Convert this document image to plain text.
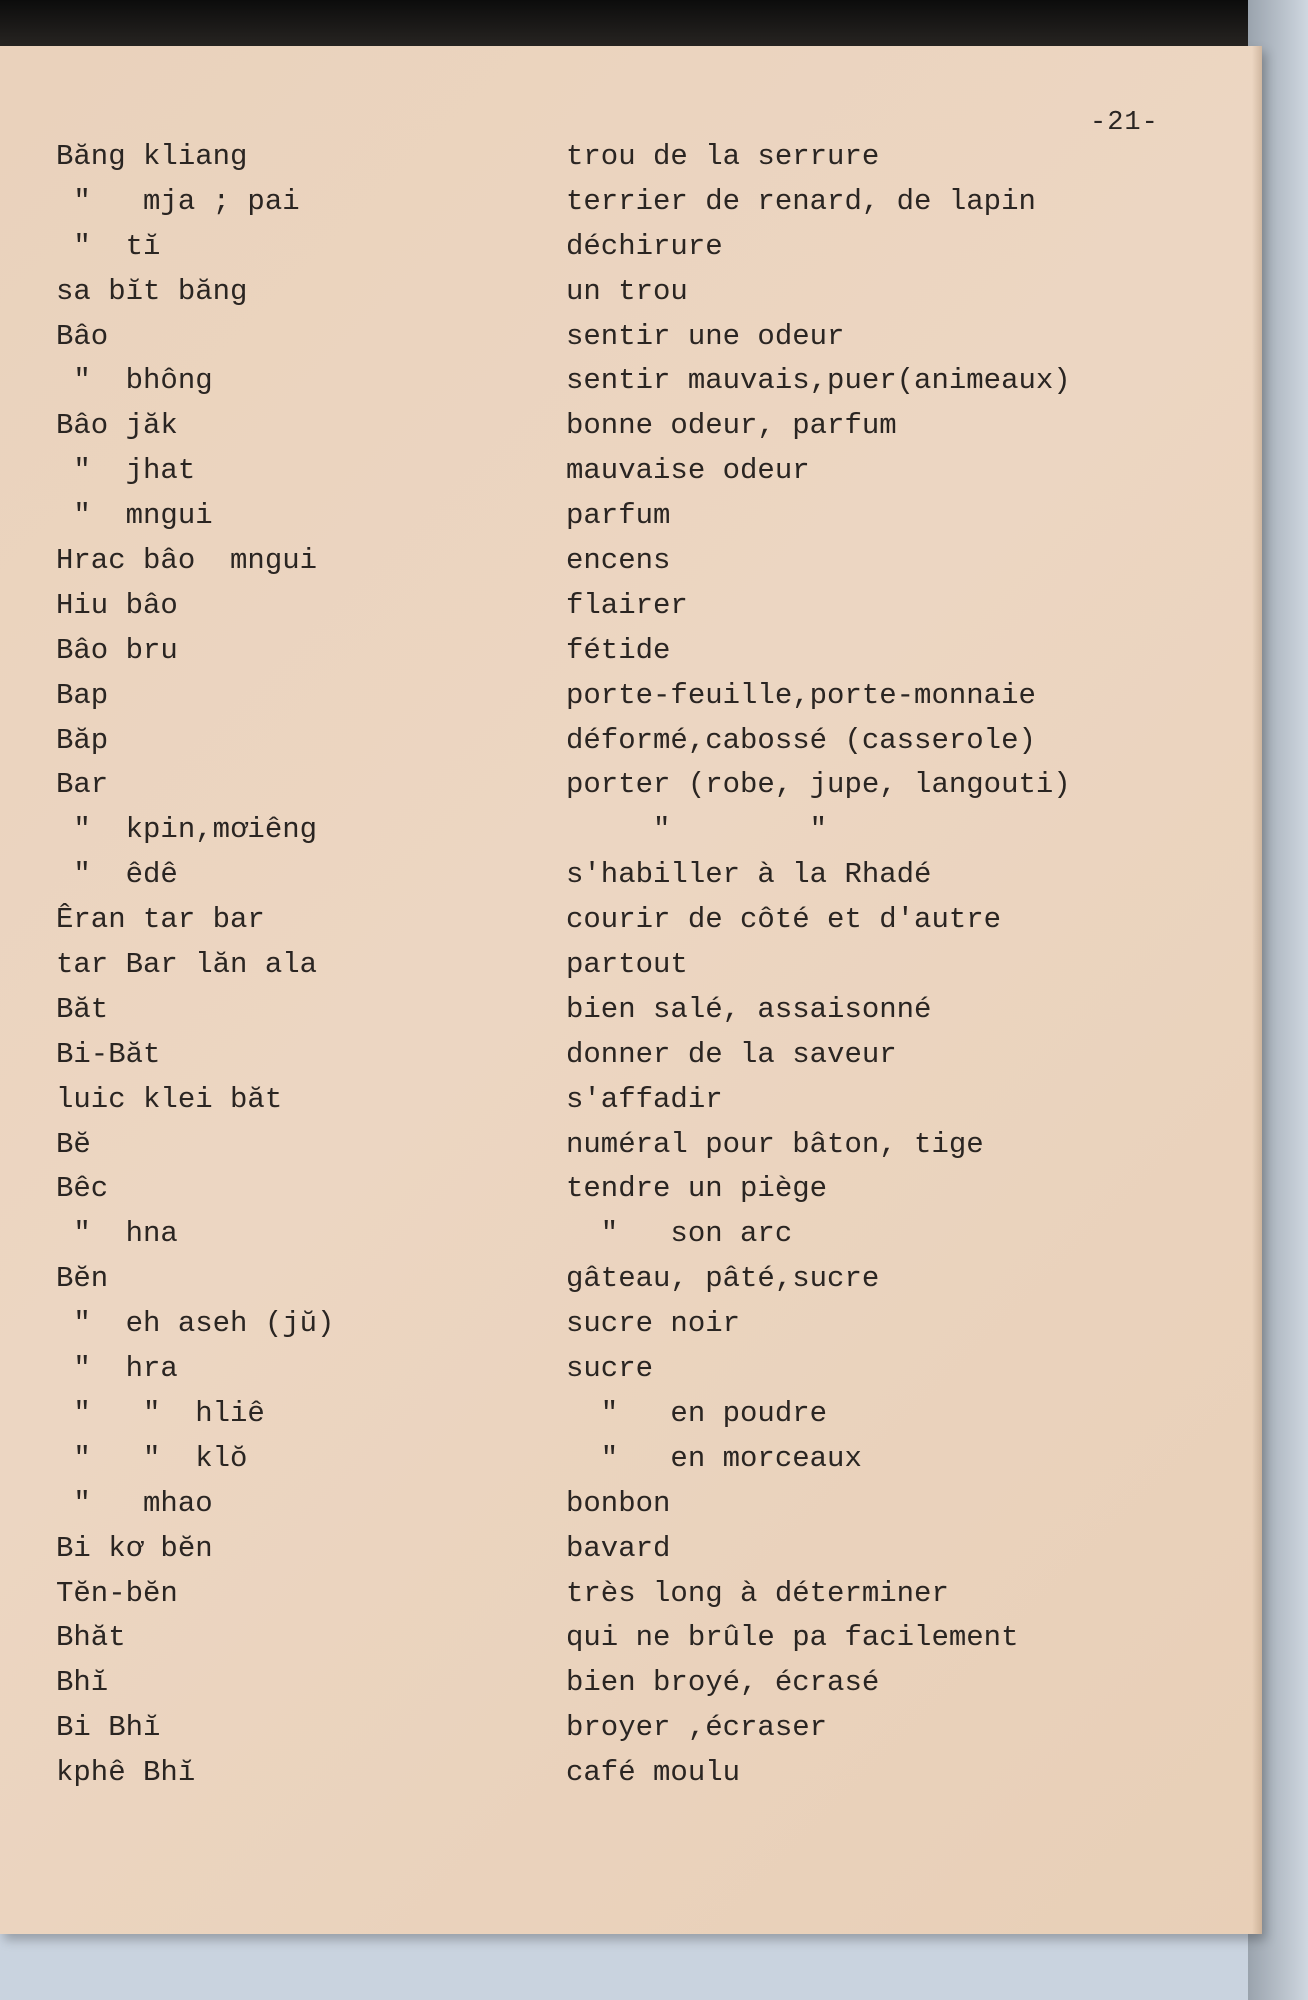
-21-
Băng kliang	trou de la serrure
"   mja ; pai	terrier de renard, de lapin
"  tĭ	déchirure
sa bĭt băng	un trou
Bâo	sentir une odeur
"  bhông	sentir mauvais,puer(animeaux)
Bâo jăk	bonne odeur, parfum
"  jhat	mauvaise odeur
"  mngui	parfum
Hrac bâo  mngui	encens
Hiu bâo	flairer
Bâo bru	fétide
Bap	porte-feuille,porte-monnaie
Băp	déformé,cabossé (casserole)
Bar	porter (robe, jupe, langouti)
"  kpin,mơiêng	"        "
"  êdê	s'habiller à la Rhadé
Êran tar bar	courir de côté et d'autre
tar Bar lăn ala	partout
Băt	bien salé, assaisonné
Bi-Băt	donner de la saveur
luic klei băt	s'affadir
Bĕ	numéral pour bâton, tige
Bêc	tendre un piège
"  hna	"   son arc
Bĕn	gâteau, pâté,sucre
"  eh aseh (jŭ)	sucre noir
"  hra	sucre
"   "  hliê	"   en poudre
"   "  klŏ	"   en morceaux
"   mhao	bonbon
Bi kơ bĕn	bavard
Tĕn-bĕn	très long à déterminer
Bhăt	qui ne brûle pa facilement
Bhĭ	bien broyé, écrasé
Bi Bhĭ	broyer ,écraser
kphê Bhĭ	café moulu
